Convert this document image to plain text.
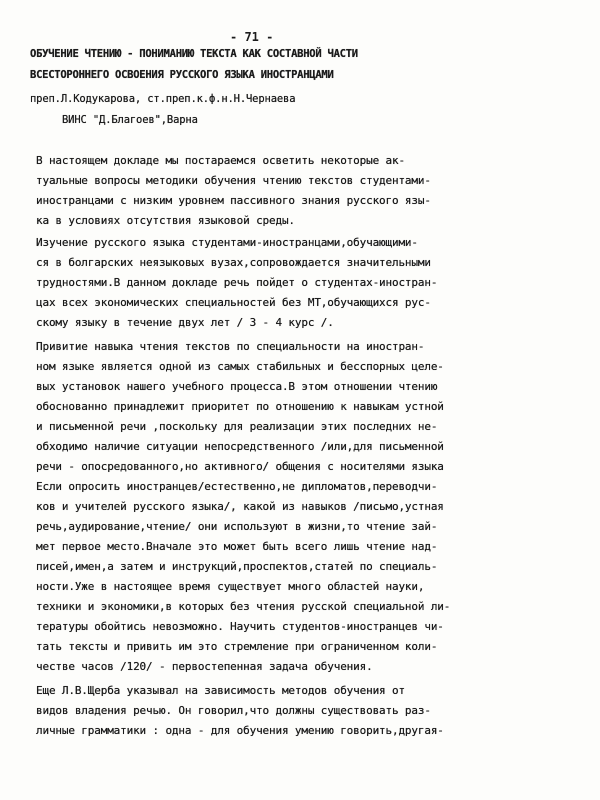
- 71 -
ОБУЧЕНИЕ ЧТЕНИЮ - ПОНИМАНИЮ ТЕКСТА КАК СОСТАВНОЙ ЧАСТИ
ВСЕСТОРОННЕГО ОСВОЕНИЯ РУССКОГО ЯЗЫКА ИНОСТРАНЦАМИ
преп.Л.Кодукарова, ст.преп.к.ф.н.Н.Чернаева
ВИНС "Д.Благоев",Варна
В настоящем докладе мы постараемся осветить некоторые ак-
туальные вопросы методики обучения чтению текстов студентами-
иностранцами с низким уровнем пассивного знания русского язы-
ка в условиях отсутствия языковой среды.
Изучение русского языка студентами-иностранцами,обучающими-
ся в болгарских неязыковых вузах,сопровождается значительными
трудностями.В данном докладе речь пойдет о студентах-иностран-
цах всех экономических специальностей без МТ,обучающихся рус-
скому языку в течение двух лет / 3 - 4 курс /.
Привитие навыка чтения текстов по специальности на иностран-
ном языке является одной из самых стабильных и бесспорных целе-
вых установок нашего учебного процесса.В этом отношении чтению
обоснованно принадлежит приоритет по отношению к навыкам устной
и письменной речи ,поскольку для реализации этих последних не-
обходимо наличие ситуации непосредственного /или,для письменной
речи - опосредованного,но активного/ общения с носителями языка
Если опросить иностранцев/естественно,не дипломатов,переводчи-
ков и учителей русского языка/, какой из навыков /письмо,устная
речь,аудирование,чтение/ они используют в жизни,то чтение зай-
мет первое место.Вначале это может быть всего лишь чтение над-
писей,имен,а затем и инструкций,проспектов,статей по специаль-
ности.Уже в настоящее время существует много областей науки,
техники и экономики,в которых без чтения русской специальной ли-
тературы обойтись невозможно. Научить студентов-иностранцев чи-
тать тексты и привить им это стремление при ограниченном коли-
честве часов /120/ - первостепенная задача обучения.
Еще Л.В.Щерба указывал на зависимость методов обучения от
видов владения речью. Он говорил,что должны существовать раз-
личные грамматики : одна - для обучения умению говорить,другая-
